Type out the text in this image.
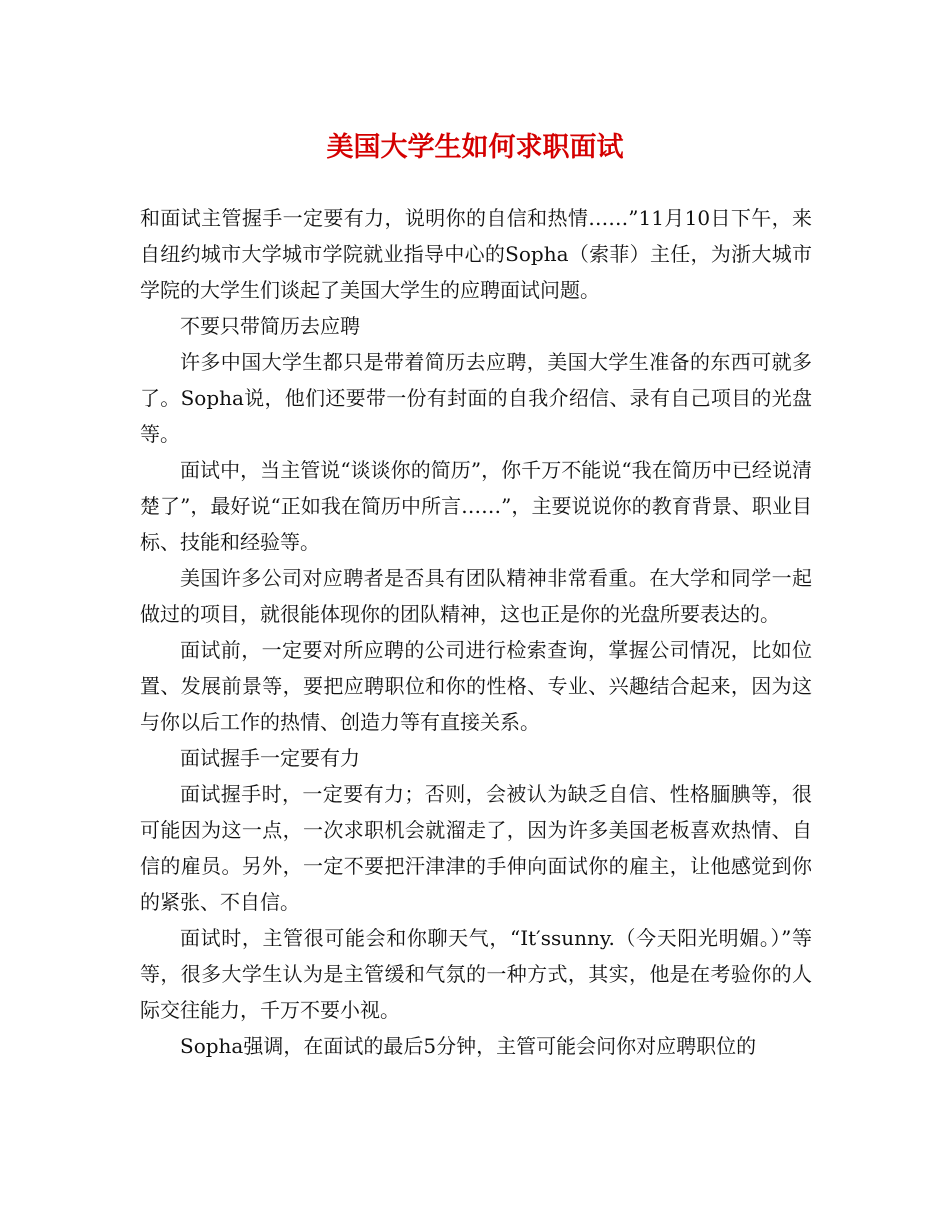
美国大学生如何求职面试

和面试主管握手一定要有力，说明你的自信和热情……”11月10日下午，来自纽约城市大学城市学院就业指导中心的Sopha（索菲）主任，为浙大城市学院的大学生们谈起了美国大学生的应聘面试问题。

不要只带简历去应聘

许多中国大学生都只是带着简历去应聘，美国大学生准备的东西可就多了。Sopha说，他们还要带一份有封面的自我介绍信、录有自己项目的光盘等。

面试中，当主管说“谈谈你的简历”，你千万不能说“我在简历中已经说清楚了”，最好说“正如我在简历中所言……”，主要说说你的教育背景、职业目标、技能和经验等。

美国许多公司对应聘者是否具有团队精神非常看重。在大学和同学一起做过的项目，就很能体现你的团队精神，这也正是你的光盘所要表达的。

面试前，一定要对所应聘的公司进行检索查询，掌握公司情况，比如位置、发展前景等，要把应聘职位和你的性格、专业、兴趣结合起来，因为这与你以后工作的热情、创造力等有直接关系。

面试握手一定要有力

面试握手时，一定要有力；否则，会被认为缺乏自信、性格腼腆等，很可能因为这一点，一次求职机会就溜走了，因为许多美国老板喜欢热情、自信的雇员。另外，一定不要把汗津津的手伸向面试你的雇主，让他感觉到你的紧张、不自信。

面试时，主管很可能会和你聊天气，“It′ssunny.（今天阳光明媚。）”等等，很多大学生认为是主管缓和气氛的一种方式，其实，他是在考验你的人际交往能力，千万不要小视。

Sopha强调，在面试的最后5分钟，主管可能会问你对应聘职位的
